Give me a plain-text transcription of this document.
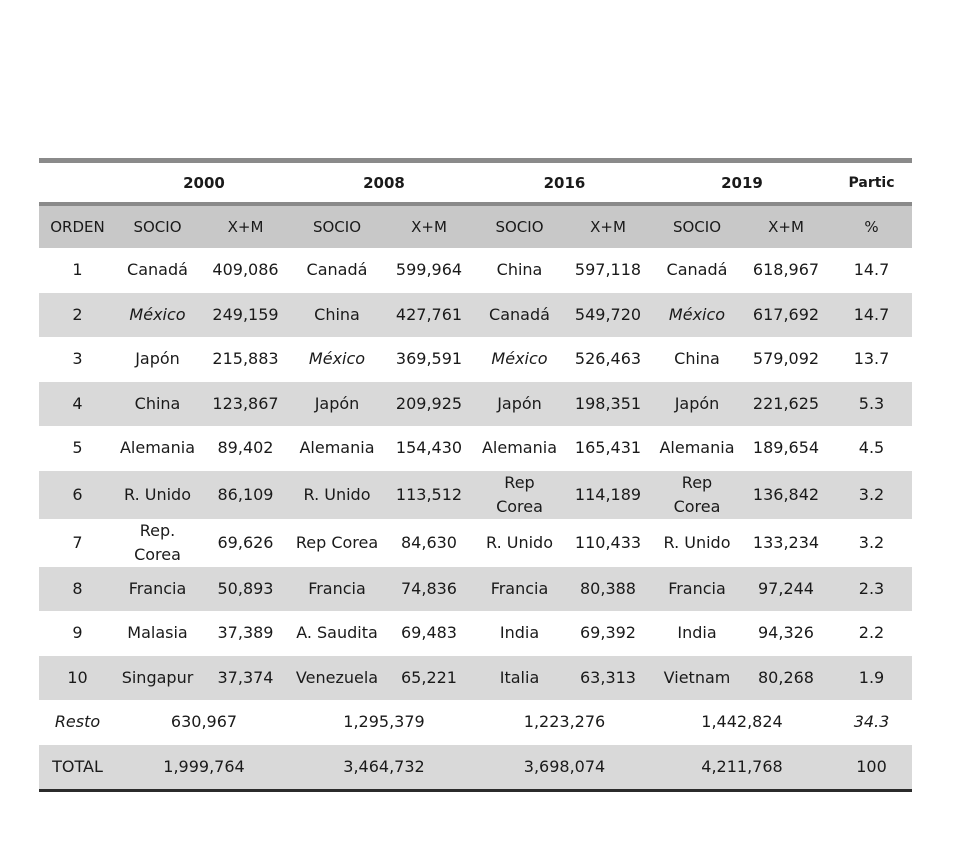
	2000		2008		2016		2019		Partic
ORDEN	SOCIO	X+M	SOCIO	X+M	SOCIO	X+M	SOCIO	X+M	%
1	Canadá	409,086	Canadá	599,964	China	597,118	Canadá	618,967	14.7
2	México	249,159	China	427,761	Canadá	549,720	México	617,692	14.7
3	Japón	215,883	México	369,591	México	526,463	China	579,092	13.7
4	China	123,867	Japón	209,925	Japón	198,351	Japón	221,625	5.3
5	Alemania	89,402	Alemania	154,430	Alemania	165,431	Alemania	189,654	4.5
6	R. Unido	86,109	R. Unido	113,512	Rep Corea	114,189	Rep Corea	136,842	3.2
7	Rep. Corea	69,626	Rep Corea	84,630	R. Unido	110,433	R. Unido	133,234	3.2
8	Francia	50,893	Francia	74,836	Francia	80,388	Francia	97,244	2.3
9	Malasia	37,389	A. Saudita	69,483	India	69,392	India	94,326	2.2
10	Singapur	37,374	Venezuela	65,221	Italia	63,313	Vietnam	80,268	1.9
Resto	630,967		1,295,379		1,223,276		1,442,824		34.3
TOTAL	1,999,764		3,464,732		3,698,074		4,211,768		100
